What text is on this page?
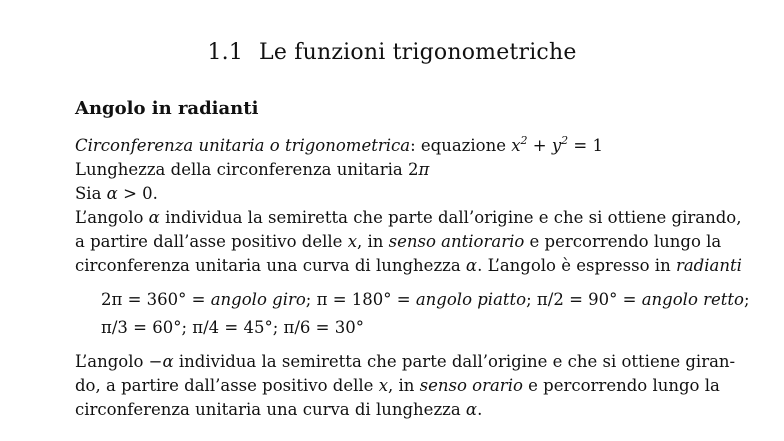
1.1 Le funzioni trigonometriche
Angolo in radianti
Circonferenza unitaria o trigonometrica: equazione $x^2 + y^2 = 1$
Lunghezza della circonferenza unitaria 2π
Sia α > 0.
L’angolo α individua la semiretta che parte dall’origine e che si ottiene girando,
a partire dall’asse positivo delle x, in senso antiorario e percorrendo lungo la
circonferenza unitaria una curva di lunghezza α. L’angolo è espresso in radianti
2π = 360° = angolo giro; π = 180° = angolo piatto; π/2 = 90° = angolo retto;
π/3 = 60°; π/4 = 45°; π/6 = 30°
L’angolo −α individua la semiretta che parte dall’origine e che si ottiene giran-
do, a partire dall’asse positivo delle x, in senso orario e percorrendo lungo la
circonferenza unitaria una curva di lunghezza α.
